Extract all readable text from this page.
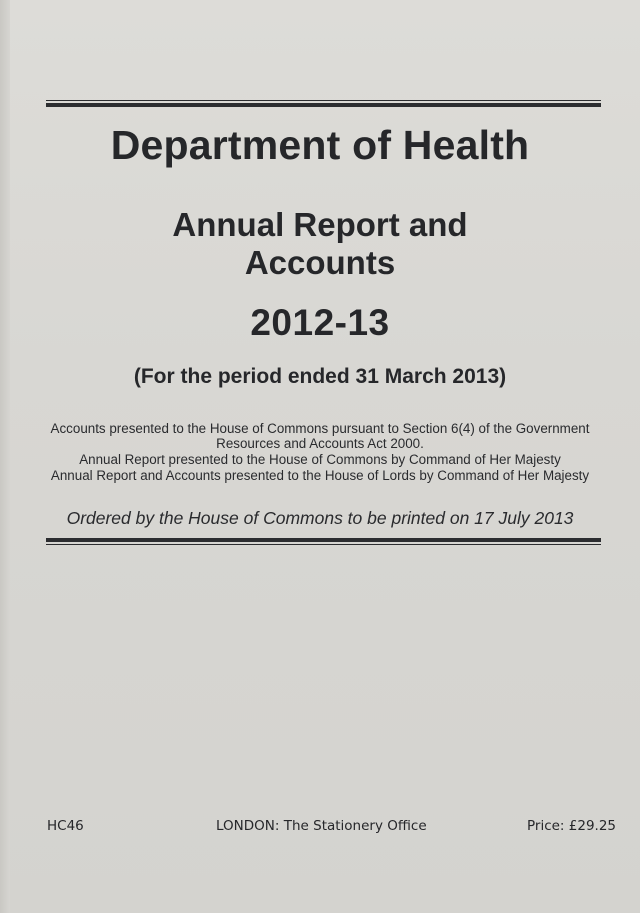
Department of Health
Annual Report and
Accounts
2012-13
(For the period ended 31 March 2013)
Accounts presented to the House of Commons pursuant to Section 6(4) of the Government Resources and Accounts Act 2000.
Annual Report presented to the House of Commons by Command of Her Majesty
Annual Report and Accounts presented to the House of Lords by Command of Her Majesty
Ordered by the House of Commons to be printed on 17 July 2013
HC46	LONDON: The Stationery Office	Price: £29.25
